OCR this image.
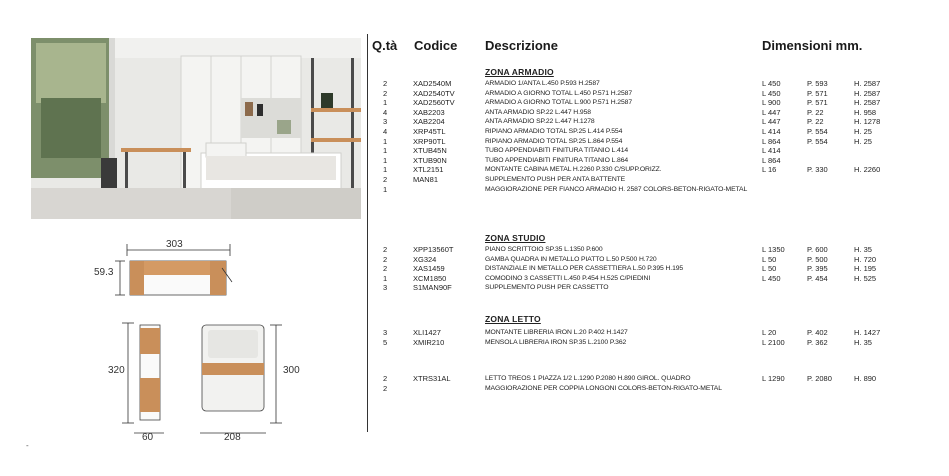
303
59.3
320
60
300
208
-
Q.tà Codice Descrizione	Dimensioni mm.
ZONA ARMADIO
ZONA STUDIO
ZONA LETTO
2	XAD2540M	ARMADIO 1/ANTA L.450 P.593 H.2587	L 450	P. 593	H. 2587
2	XAD2540TV	ARMADIO A GIORNO TOTAL L.450 P.571 H.2587	L 450	P. 571	H. 2587
1	XAD2560TV	ARMADIO A GIORNO TOTAL L.900 P.571 H.2587	L 900	P. 571	H. 2587
4	XAB2203	ANTA ARMADIO SP.22 L.447 H.958	L 447	P. 22	H. 958
3	XAB2204	ANTA ARMADIO SP.22 L.447 H.1278	L 447	P. 22	H. 1278
4	XRP45TL	RIPIANO ARMADIO TOTAL SP.25 L.414 P.554	L 414	P. 554	H. 25
1	XRP90TL	RIPIANO ARMADIO TOTAL SP.25 L.864 P.554	L 864	P. 554	H. 25
1	XTUB45N	TUBO APPENDIABITI FINITURA TITANIO L.414	L 414
1	XTUB90N	TUBO APPENDIABITI FINITURA TITANIO L.864	L 864
1	XTL2151	MONTANTE CABINA METAL H.2260 P.330 C/SUPP.ORIZZ.	L 16	P. 330	H. 2260
2	MAN81	SUPPLEMENTO PUSH PER ANTA BATTENTE
1	MAGGIORAZIONE PER FIANCO ARMADIO H. 2587 COLORS-BETON-RIGATO-METAL
2	XPP13560T	PIANO SCRITTOIO SP.35 L.1350 P.600	L 1350	P. 600	H. 35
2	XG324	GAMBA QUADRA IN METALLO PIATTO L.50 P.500 H.720	L 50	P. 500	H. 720
2	XAS1459	DISTANZIALE IN METALLO PER CASSETTIERA L.50 P.395 H.195	L 50	P. 395	H. 195
1	XCM1850	COMODINO 3 CASSETTI L.450 P.454 H.525 C/PIEDINI	L 450	P. 454	H. 525
3	S1MAN90F	SUPPLEMENTO PUSH PER CASSETTO
3	XLI1427	MONTANTE LIBRERIA IRON L.20 P.402 H.1427	L 20	P. 402	H. 1427
5	XMIR210	MENSOLA LIBRERIA IRON SP.35 L.2100 P.362	L 2100	P. 362	H. 35
2	XTRS31AL	LETTO TREOS 1 PIAZZA 1/2 L.1290 P.2080 H.890 GIROL. QUADRO	L 1290	P. 2080	H. 890
2	MAGGIORAZIONE PER COPPIA LONGONI COLORS-BETON-RIGATO-METAL
